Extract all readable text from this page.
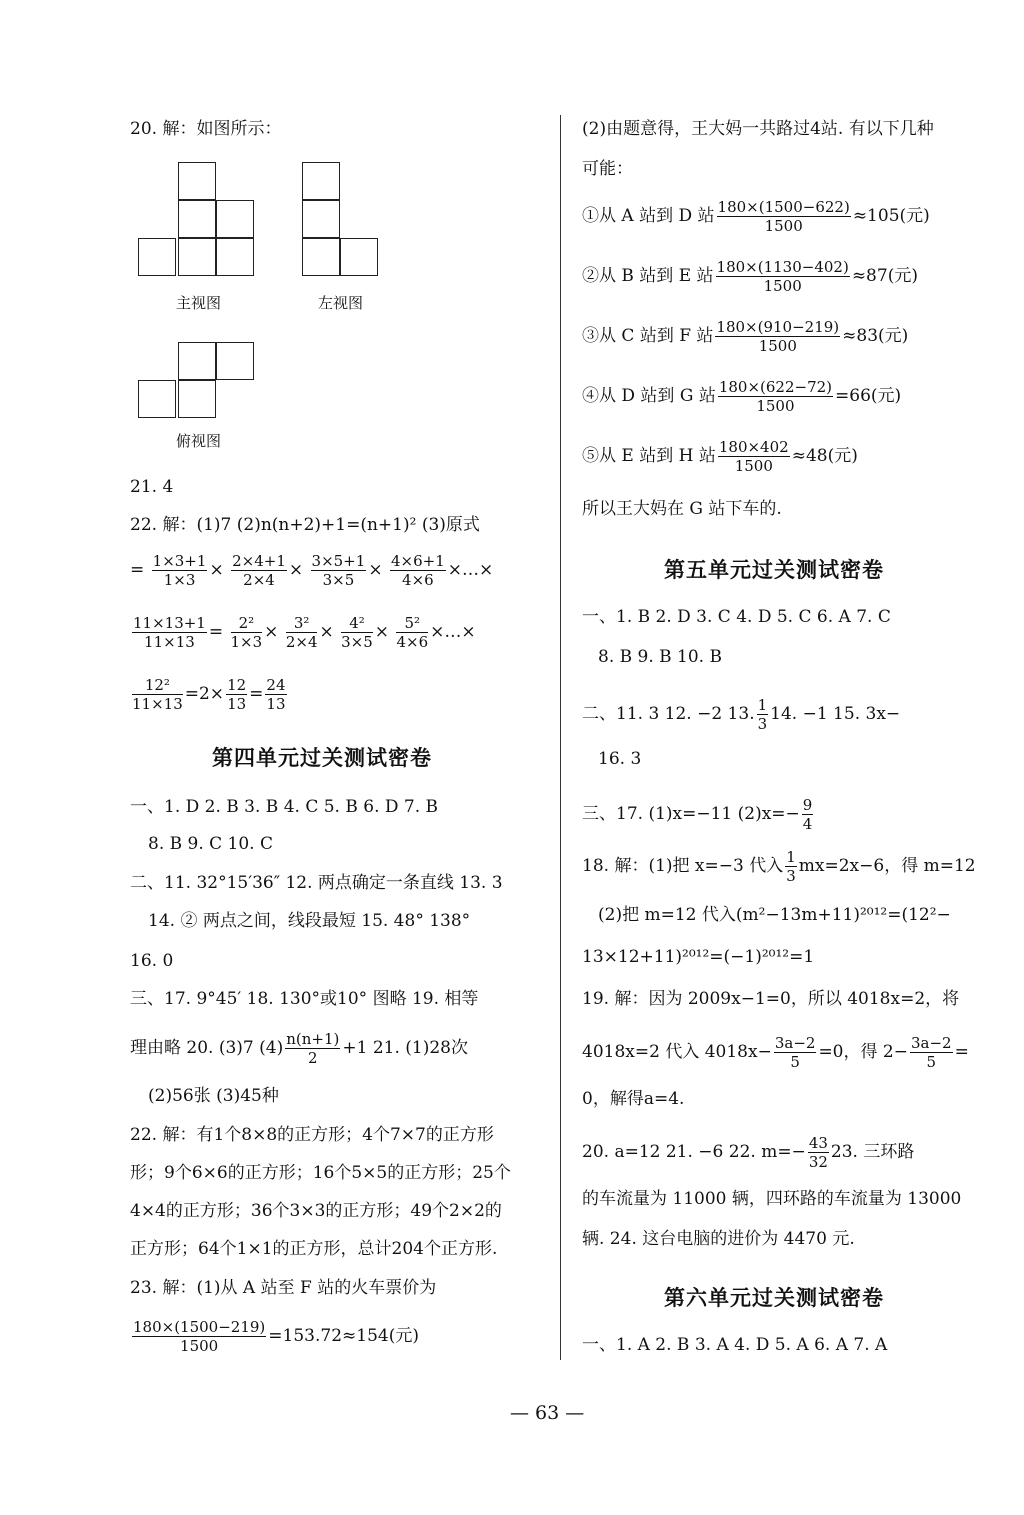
20. 解：如图所示：
主视图	左视图
俯视图
21. 4
22. 解：(1)7 (2)n(n+2)+1=(n+1)² (3)原式
= $\frac{1\times 3+1}{1\times 3} \times \frac{2\times 4+1}{2\times 4} \times \frac{3\times 5+1}{3\times 5} \times \frac{4\times 6+1}{4\times 6}$ ×…×
$\frac{11\times 13+1}{11\times 13} = \frac{\text{2²}}{1\times 3} \times \frac{\text{3²}}{2\times 4} \times \frac{\text{4²}}{3\times 5} \times \frac{\text{5²}}{4\times 6}$ ×…×
$\frac{\text{12²}}{11\times 13} =2\times \frac{12}{13} = \frac{24}{13}$
第四单元过关测试密卷
一、1. D 2. B 3. B 4. C 5. B 6. D 7. B
8. B 9. C 10. C
二、11. 32°15′36″ 12. 两点确定一条直线 13. 3
14. ② 两点之间，线段最短 15. 48° 138°
16. 0
三、17. 9°45′ 18. 130°或10° 图略 19. 相等
理由略 20. (3)7 $(4) \frac{n(n+1)}{2} +1$ 21. (1)28次
(2)56张 (3)45种
22. 解：有1个8×8的正方形；4个7×7的正方形
形；9个6×6的正方形；16个5×5的正方形；25个
4×4的正方形；36个3×3的正方形；49个2×2的
正方形；64个1×1的正方形，总计204个正方形.
23. 解：(1)从 A 站至 F 站的火车票价为
$\frac{180\times(1500-219)}{1500} =153.72\approx 154$(元)
(2)由题意得，王大妈一共路过4站. 有以下几种
可能：
①从 A 站到 D 站 $\frac{180\times(1500-622)}{1500} \approx 105$(元)
②从 B 站到 E 站 $\frac{180\times(1130-402)}{1500} \approx 87$(元)
③从 C 站到 F 站 $\frac{180\times(910-219)}{1500} \approx 83$(元)
④从 D 站到 G 站 $\frac{180\times(622-72)}{1500} =66$(元)
⑤从 E 站到 H 站 $\frac{180\times 402}{1500} \approx 48$(元)
所以王大妈在 G 站下车的.
第五单元过关测试密卷
一、1. B 2. D 3. C 4. D 5. C 6. A 7. C
8. B 9. B 10. B
二、11. 3 12. −2 13. $\frac{1}{3} 14$. −1 15. 3x−
16. 3
三、17. (1)x=−11 $(2)x=- \frac{9}{4}$
18. 解：(1)把 x=−3 代入 $\frac{1}{3} mx=2x-6$，得 m=12
(2)把 m=12 代入(m²−13m+11)²⁰¹²=(12²−
13×12+11)²⁰¹²=(−1)²⁰¹²=1
19. 解：因为 2009x−1=0，所以 4018x=2，将
4018x=2 代入 $4018x- \frac{3a-2}{5} =0$，得 $2- \frac{3a-2}{5}$ =
0，解得a=4.
20. a=12 21. −6 22. $m=- \frac{43}{32} 23$. 三环路
的车流量为 11000 辆，四环路的车流量为 13000
辆. 24. 这台电脑的进价为 4470 元.
第六单元过关测试密卷
一、1. A 2. B 3. A 4. D 5. A 6. A 7. A
— 63 —
